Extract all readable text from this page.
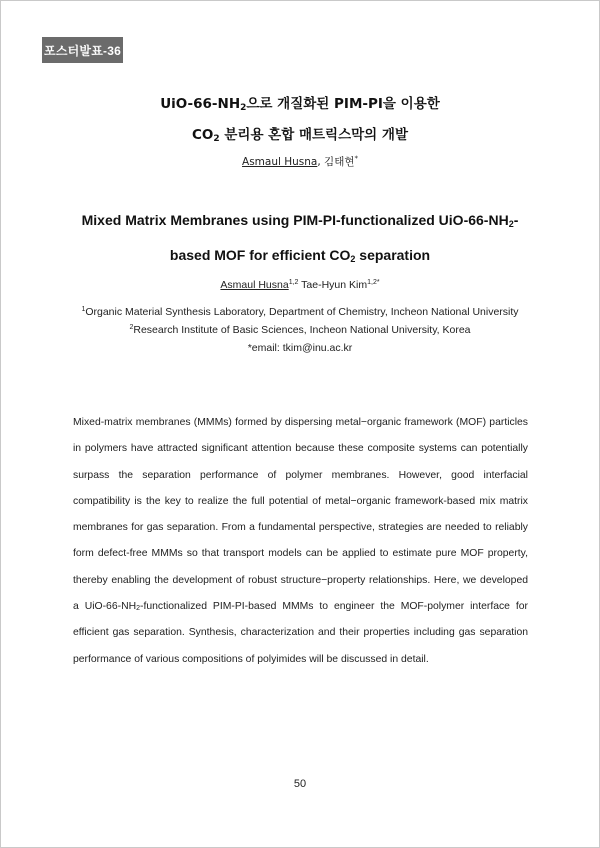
포스터발표-36
UiO-$66-NH_2$으로 개질화된 PIM-PI을 이용한
$CO_2$ 분리용 혼합 매트릭스막의 개발
Asmaul Husna, 김태현*
Mixed Matrix Membranes using PIM-PI-functionalized UiO-$66-NH_2-$
based MOF for efficient $CO_2$ separation
Asmaul Husna$^{1,2}$ Tae-Hyun Kim$^{1,2*}$
$^1$Organic Material Synthesis Laboratory, Department of Chemistry, Incheon National University
$^2$Research Institute of Basic Sciences, Incheon National University, Korea
*email: tkim@inu.ac.kr
Mixed-matrix membranes (MMMs) formed by dispersing metal−organic framework (MOF) particles in polymers have attracted significant attention because these composite systems can potentially surpass the separation performance of polymer membranes. However, good interfacial compatibility is the key to realize the full potential of metal−organic framework-based mix matrix membranes for gas separation. From a fundamental perspective, strategies are needed to reliably form defect-free MMMs so that transport models can be applied to estimate pure MOF property, thereby enabling the development of robust structure−property relationships. Here, we developed a UiO-$66-NH_2$-functionalized PIM-PI-based MMMs to engineer the MOF-polymer interface for efficient gas separation. Synthesis, characterization and their properties including gas separation performance of various compositions of polyimides will be discussed in detail.
50
